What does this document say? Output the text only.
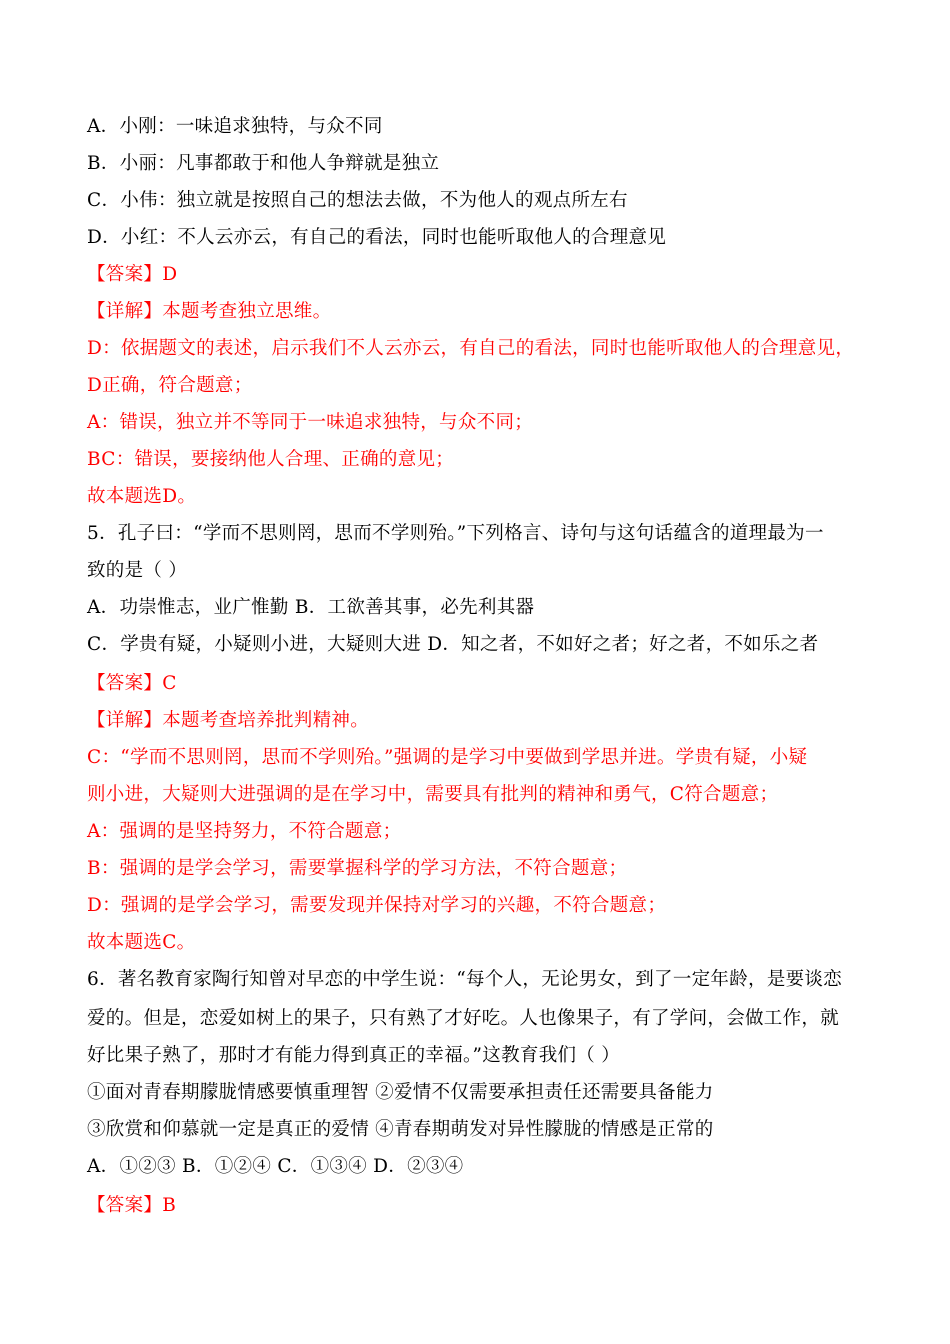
A．小刚：一味追求独特，与众不同
B．小丽：凡事都敢于和他人争辩就是独立
C．小伟：独立就是按照自己的想法去做，不为他人的观点所左右
D．小红：不人云亦云，有自己的看法，同时也能听取他人的合理意见
【答案】D
【详解】本题考查独立思维。
D：依据题文的表述，启示我们不人云亦云，有自己的看法，同时也能听取他人的合理意见，
D正确，符合题意；
A：错误，独立并不等同于一味追求独特，与众不同；
BC：错误，要接纳他人合理、正确的意见；
故本题选D。
5．孔子曰：“学而不思则罔，思而不学则殆。”下列格言、诗句与这句话蕴含的道理最为一
致的是（ ）
A．功崇惟志，业广惟勤 B．工欲善其事，必先利其器
C．学贵有疑，小疑则小进，大疑则大进 D．知之者，不如好之者；好之者，不如乐之者
【答案】C
【详解】本题考查培养批判精神。
C：“学而不思则罔，思而不学则殆。”强调的是学习中要做到学思并进。学贵有疑，小疑
则小进，大疑则大进强调的是在学习中，需要具有批判的精神和勇气，C符合题意；
A：强调的是坚持努力，不符合题意；
B：强调的是学会学习，需要掌握科学的学习方法，不符合题意；
D：强调的是学会学习，需要发现并保持对学习的兴趣，不符合题意；
故本题选C。
6．著名教育家陶行知曾对早恋的中学生说：“每个人，无论男女，到了一定年龄，是要谈恋
爱的。但是，恋爱如树上的果子，只有熟了才好吃。人也像果子，有了学问，会做工作，就
好比果子熟了，那时才有能力得到真正的幸福。”这教育我们（ ）
①面对青春期朦胧情感要慎重理智 ②爱情不仅需要承担责任还需要具备能力
③欣赏和仰慕就一定是真正的爱情 ④青春期萌发对异性朦胧的情感是正常的
A．①②③ B．①②④ C．①③④ D．②③④
【答案】B
